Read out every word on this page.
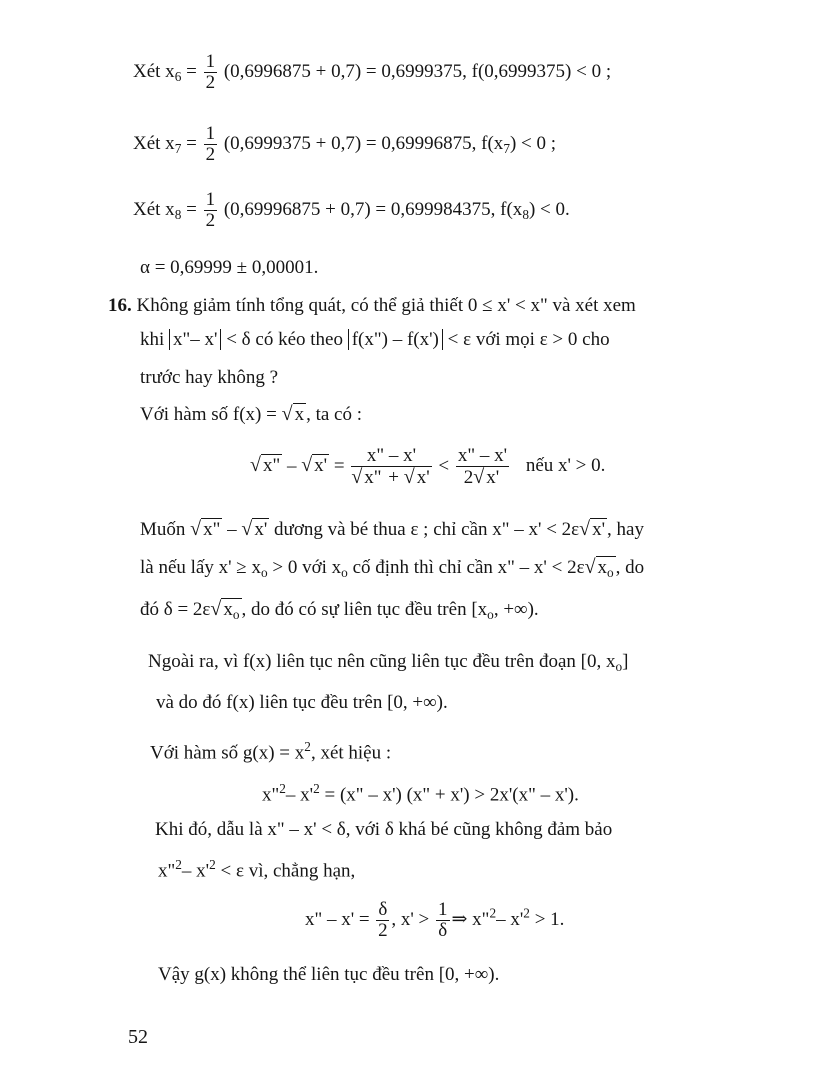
Xét $x_6 = \frac{1}{2} (0,6996875 + 0,7) = 0,6999375$, f(0,6999375) < 0 ;
Xét $x_7 = \frac{1}{2} (0,6999375 + 0,7) = 0,69996875$, $f(x_7) < 0$ ;
Xét $x_8 = \frac{1}{2} (0,69996875 + 0,7) = 0,699984375$, $f(x_8) < 0$.
α = 0,69999 ± 0,00001.
16. Không giảm tính tổng quát, có thể giả thiết 0 ≤ x' < x" và xét xem
khi x"– x' < δ có kéo theo f(x") – f(x') < ε với mọi ε > 0 cho
trước hay không ?
Với hàm số f(x) = √ x , ta có :
√ x" – √ $x' = \frac{x" - x'}{√ x" + √ x'} < \frac{x" - x'}{2√ x'}$ nếu x' > 0.
Muốn √ x" – √ x' dương và bé thua ε ; chỉ cần x" – x' < 2ε√ x' , hay
là nếu lấy $x' \ge x_o > 0$ với $x_o$ cố định thì chỉ cần x" – x' < 2ε√ $x_o$ , do
đó δ = 2ε√ $x_o$ , do đó có sự liên tục đều trên [$x_o$, +∞).
Ngoài ra, vì f(x) liên tục nên cũng liên tục đều trên đoạn [0, $x_o$]
và do đó f(x) liên tục đều trên [0, +∞).
Với hàm số $g(x) = x^2$, xét hiệu :
x"$^2$– $x'^2 = (x$" – x') (x" + x') > 2x'(x" – x').
Khi đó, dẫu là x" – x' < δ, với δ khá bé cũng không đảm bảo
x"$^2$– $x'^2 < \varepsilon$ vì, chẳng hạn,
x" – $x' = \frac{\delta}{2}$ , $x' > \frac{1}{\delta}$ ⇒ x"$^2$– $x'^2 > 1$.
Vậy g(x) không thể liên tục đều trên [0, +∞).
52
